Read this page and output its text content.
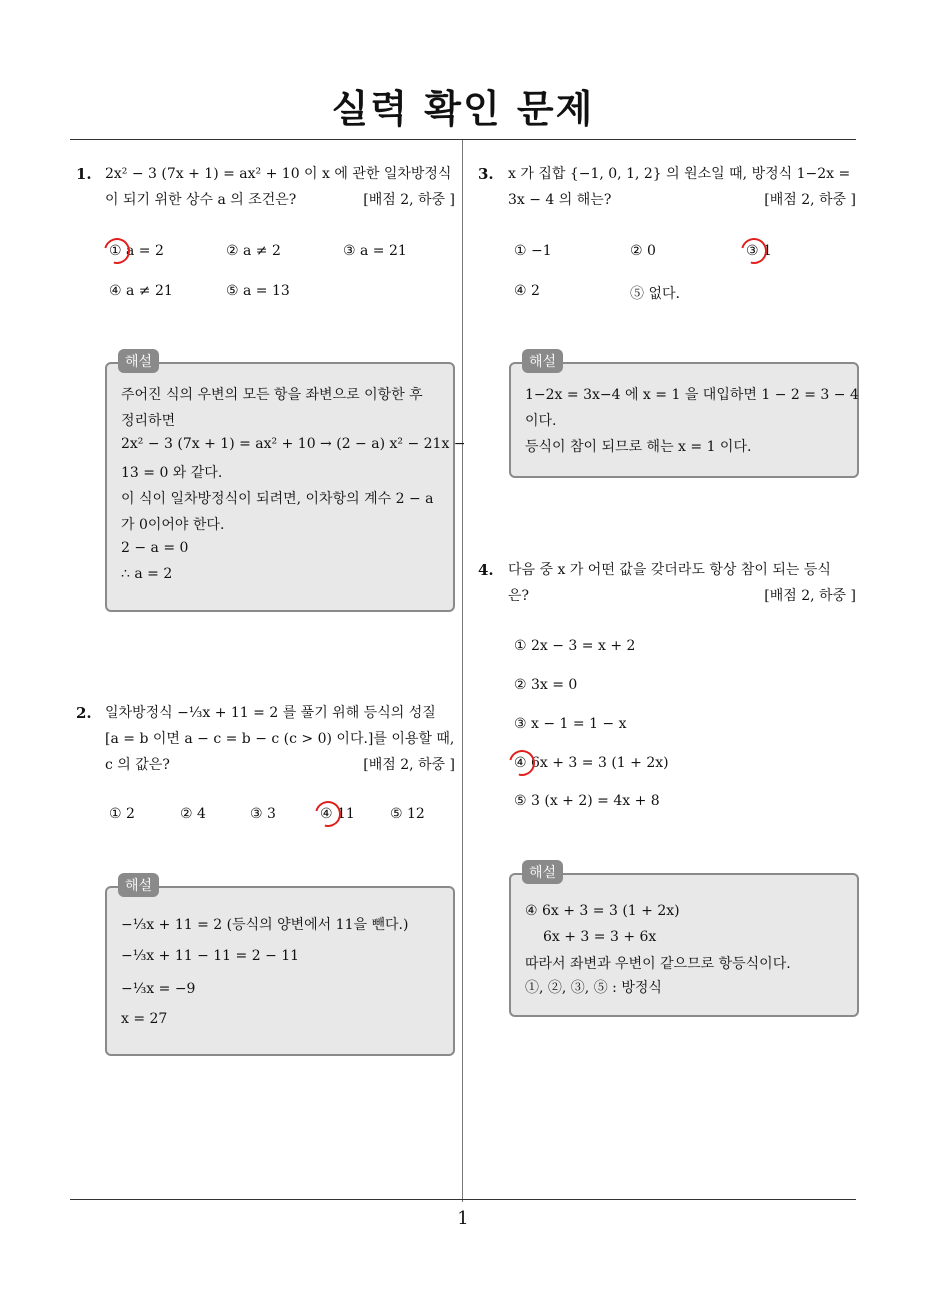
실력 확인 문제
1
1. 2x² − 3 (7x + 1) = ax² + 10 이 x 에 관한 일차방정식
이 되기 위한 상수 a 의 조건은?	[배점 2, 하중 ]
① a = 2	② a ≠ 2	③ a = 21
④ a ≠ 21	⑤ a = 13
주어진 식의 우변의 모든 항을 좌변으로 이항한 후
정리하면
2x² − 3 (7x + 1) = ax² + 10 → (2 − a) x² − 21x −
13 = 0 와 같다.
이 식이 일차방정식이 되려면, 이차항의 계수 2 − a
가 0이어야 한다.
2 − a = 0
∴ a = 2
해설
2. 일차방정식 −⅓x + 11 = 2 를 풀기 위해 등식의 성질
[a = b 이면 a − c = b − c (c > 0) 이다.]를 이용할 때,
c 의 값은?	[배점 2, 하중 ]
① 2	② 4	③ 3	④ 11	⑤ 12
−⅓x + 11 = 2 (등식의 양변에서 11을 뺀다.)
−⅓x + 11 − 11 = 2 − 11
−⅓x = −9
x = 27
해설
3. x 가 집합 {−1, 0, 1, 2} 의 원소일 때, 방정식 1−2x =
3x − 4 의 해는?	[배점 2, 하중 ]
① −1	② 0	③ 1
④ 2	⑤ 없다.
1−2x = 3x−4 에 x = 1 을 대입하면 1 − 2 = 3 − 4
이다.
등식이 참이 되므로 해는 x = 1 이다.
해설
4. 다음 중 x 가 어떤 값을 갖더라도 항상 참이 되는 등식
은?	[배점 2, 하중 ]
① 2x − 3 = x + 2
② 3x = 0
③ x − 1 = 1 − x
④ 6x + 3 = 3 (1 + 2x)
⑤ 3 (x + 2) = 4x + 8
④ 6x + 3 = 3 (1 + 2x)
6x + 3 = 3 + 6x
따라서 좌변과 우변이 같으므로 항등식이다.
①, ②, ③, ⑤ : 방정식
해설
